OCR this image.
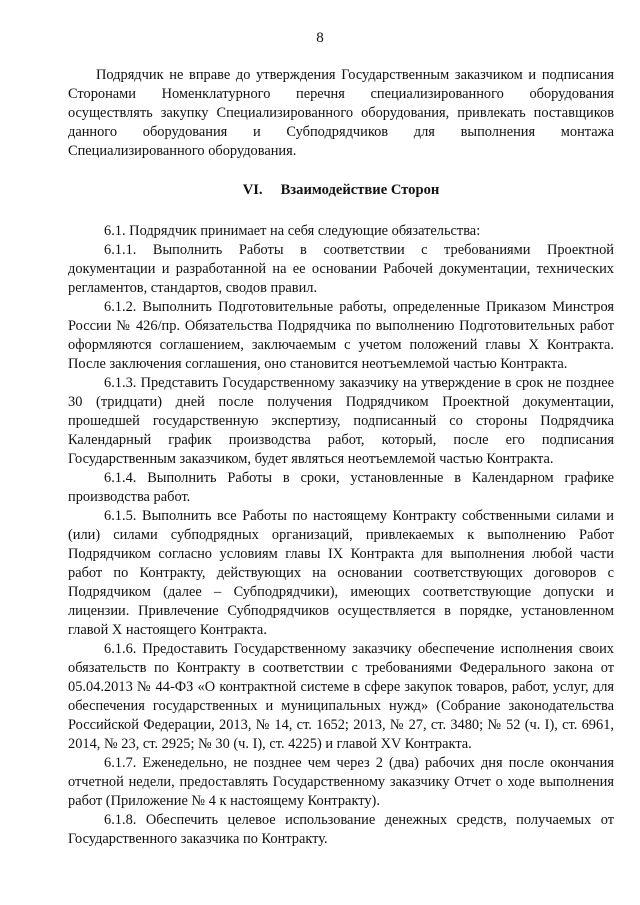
8

Подрядчик не вправе до утверждения Государственным заказчиком и подписания Сторонами Номенклатурного перечня специализированного оборудования осуществлять закупку Специализированного оборудования, привлекать поставщиков данного оборудования и Субподрядчиков для выполнения монтажа Специализированного оборудования.

VI. Взаимодействие Сторон

6.1. Подрядчик принимает на себя следующие обязательства:

6.1.1. Выполнить Работы в соответствии с требованиями Проектной документации и разработанной на ее основании Рабочей документации, технических регламентов, стандартов, сводов правил.

6.1.2. Выполнить Подготовительные работы, определенные Приказом Минстроя России № 426/пр. Обязательства Подрядчика по выполнению Подготовительных работ оформляются соглашением, заключаемым с учетом положений главы X Контракта. После заключения соглашения, оно становится неотъемлемой частью Контракта.

6.1.3. Представить Государственному заказчику на утверждение в срок не позднее 30 (тридцати) дней после получения Подрядчиком Проектной документации, прошедшей государственную экспертизу, подписанный со стороны Подрядчика Календарный график производства работ, который, после его подписания Государственным заказчиком, будет являться неотъемлемой частью Контракта.

6.1.4. Выполнить Работы в сроки, установленные в Календарном графике производства работ.

6.1.5. Выполнить все Работы по настоящему Контракту собственными силами и (или) силами субподрядных организаций, привлекаемых к выполнению Работ Подрядчиком согласно условиям главы IX Контракта для выполнения любой части работ по Контракту, действующих на основании соответствующих договоров с Подрядчиком (далее – Субподрядчики), имеющих соответствующие допуски и лицензии. Привлечение Субподрядчиков осуществляется в порядке, установленном главой X настоящего Контракта.

6.1.6. Предоставить Государственному заказчику обеспечение исполнения своих обязательств по Контракту в соответствии с требованиями Федерального закона от 05.04.2013 № 44-ФЗ «О контрактной системе в сфере закупок товаров, работ, услуг, для обеспечения государственных и муниципальных нужд» (Собрание законодательства Российской Федерации, 2013, № 14, ст. 1652; 2013, № 27, ст. 3480; № 52 (ч. I), ст. 6961, 2014, № 23, ст. 2925; № 30 (ч. I), ст. 4225) и главой XV Контракта.

6.1.7. Еженедельно, не позднее чем через 2 (два) рабочих дня после окончания отчетной недели, предоставлять Государственному заказчику Отчет о ходе выполнения работ (Приложение № 4 к настоящему Контракту).

6.1.8. Обеспечить целевое использование денежных средств, получаемых от Государственного заказчика по Контракту.
